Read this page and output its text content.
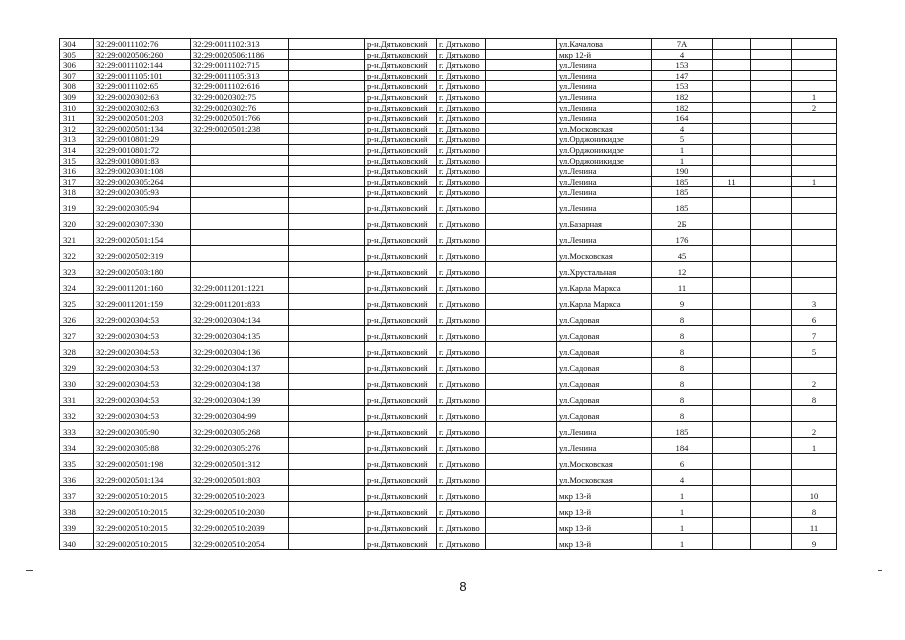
304	32:29:0011102:76	32:29:0011102:313		р-н.Дятьковский	г. Дятьково		ул.Качалова	7А			
305	32:29:0020506:260	32:29:0020506:1186		р-н.Дятьковский	г. Дятьково		мкр 12-й	4			
306	32:29:0011102:144	32:29:0011102:715		р-н.Дятьковский	г. Дятьково		ул.Ленина	153			
307	32:29:0011105:101	32:29:0011105:313		р-н.Дятьковский	г. Дятьково		ул.Ленина	147			
308	32:29:0011102:65	32:29:0011102:616		р-н.Дятьковский	г. Дятьково		ул.Ленина	153			
309	32:29:0020302:63	32:29:0020302:75		р-н.Дятьковский	г. Дятьково		ул.Ленина	182			1
310	32:29:0020302:63	32:29:0020302:76		р-н.Дятьковский	г. Дятьково		ул.Ленина	182			2
311	32:29:0020501:203	32:29:0020501:766		р-н.Дятьковский	г. Дятьково		ул.Ленина	164			
312	32:29:0020501:134	32:29:0020501:238		р-н.Дятьковский	г. Дятьково		ул.Московская	4			
313	32:29:0010801:29			р-н.Дятьковский	г. Дятьково		ул.Орджоникидзе	5			
314	32:29:0010801:72			р-н.Дятьковский	г. Дятьково		ул.Орджоникидзе	1			
315	32:29:0010801:83			р-н.Дятьковский	г. Дятьково		ул.Орджоникидзе	1			
316	32:29:0020301:108			р-н.Дятьковский	г. Дятьково		ул.Ленина	190			
317	32:29:0020305:264			р-н.Дятьковский	г. Дятьково		ул.Ленина	185	11		1
318	32:29:0020305:93			р-н.Дятьковский	г. Дятьково		ул.Ленина	185			
319	32:29:0020305:94			р-н.Дятьковский	г. Дятьково		ул.Ленина	185			
320	32:29:0020307:330			р-н.Дятьковский	г. Дятьково		ул.Базарная	2Б			
321	32:29:0020501:154			р-н.Дятьковский	г. Дятьково		ул.Ленина	176			
322	32:29:0020502:319			р-н.Дятьковский	г. Дятьково		ул.Московская	45			
323	32:29:0020503:180			р-н.Дятьковский	г. Дятьково		ул.Хрустальная	12			
324	32:29:0011201:160	32:29:0011201:1221		р-н.Дятьковский	г. Дятьково		ул.Карла Маркса	11			
325	32:29:0011201:159	32:29:0011201:833		р-н.Дятьковский	г. Дятьково		ул.Карла Маркса	9			3
326	32:29:0020304:53	32:29:0020304:134		р-н.Дятьковский	г. Дятьково		ул.Садовая	8			6
327	32:29:0020304:53	32:29:0020304:135		р-н.Дятьковский	г. Дятьково		ул.Садовая	8			7
328	32:29:0020304:53	32:29:0020304:136		р-н.Дятьковский	г. Дятьково		ул.Садовая	8			5
329	32:29:0020304:53	32:29:0020304:137		р-н.Дятьковский	г. Дятьково		ул.Садовая	8			
330	32:29:0020304:53	32:29:0020304:138		р-н.Дятьковский	г. Дятьково		ул.Садовая	8			2
331	32:29:0020304:53	32:29:0020304:139		р-н.Дятьковский	г. Дятьково		ул.Садовая	8			8
332	32:29:0020304:53	32:29:0020304:99		р-н.Дятьковский	г. Дятьково		ул.Садовая	8			
333	32:29:0020305:90	32:29:0020305:268		р-н.Дятьковский	г. Дятьково		ул.Ленина	185			2
334	32:29:0020305:88	32:29:0020305:276		р-н.Дятьковский	г. Дятьково		ул.Ленина	184			1
335	32:29:0020501:198	32:29:0020501:312		р-н.Дятьковский	г. Дятьково		ул.Московская	6			
336	32:29:0020501:134	32:29:0020501:803		р-н.Дятьковский	г. Дятьково		ул.Московская	4			
337	32:29:0020510:2015	32:29:0020510:2023		р-н.Дятьковский	г. Дятьково		мкр 13-й	1			10
338	32:29:0020510:2015	32:29:0020510:2030		р-н.Дятьковский	г. Дятьково		мкр 13-й	1			8
339	32:29:0020510:2015	32:29:0020510:2039		р-н.Дятьковский	г. Дятьково		мкр 13-й	1			11
340	32:29:0020510:2015	32:29:0020510:2054		р-н.Дятьковский	г. Дятьково		мкр 13-й	1			9
8
